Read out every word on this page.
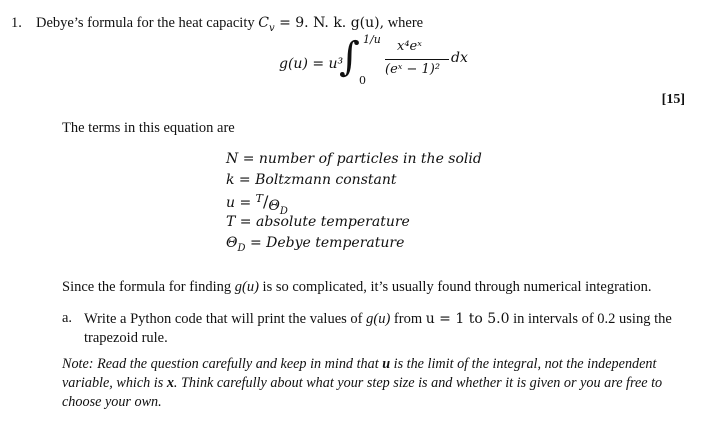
1. Debye’s formula for the heat capacity $C_v = 9$. N. k. g(u), where
g(u) = u³
∫ 1/u
0
x⁴eˣ
(eˣ − 1)²
dx
[15]
The terms in this equation are
N = number of particles in the solid
k = Boltzmann constant
$u = ^T/\Theta_D$
T = absolute temperature
$\Theta_D$ = Debye temperature
Since the formula for finding g(u) is so complicated, it’s usually found through numerical integration.
a. Write a Python code that will print the values of g(u) from u = 1 to 5.0 in intervals of 0.2 using the trapezoid rule.
Note: Read the question carefully and keep in mind that u is the limit of the integral, not the independent variable, which is x. Think carefully about what your step size is and whether it is given or you are free to choose your own.
